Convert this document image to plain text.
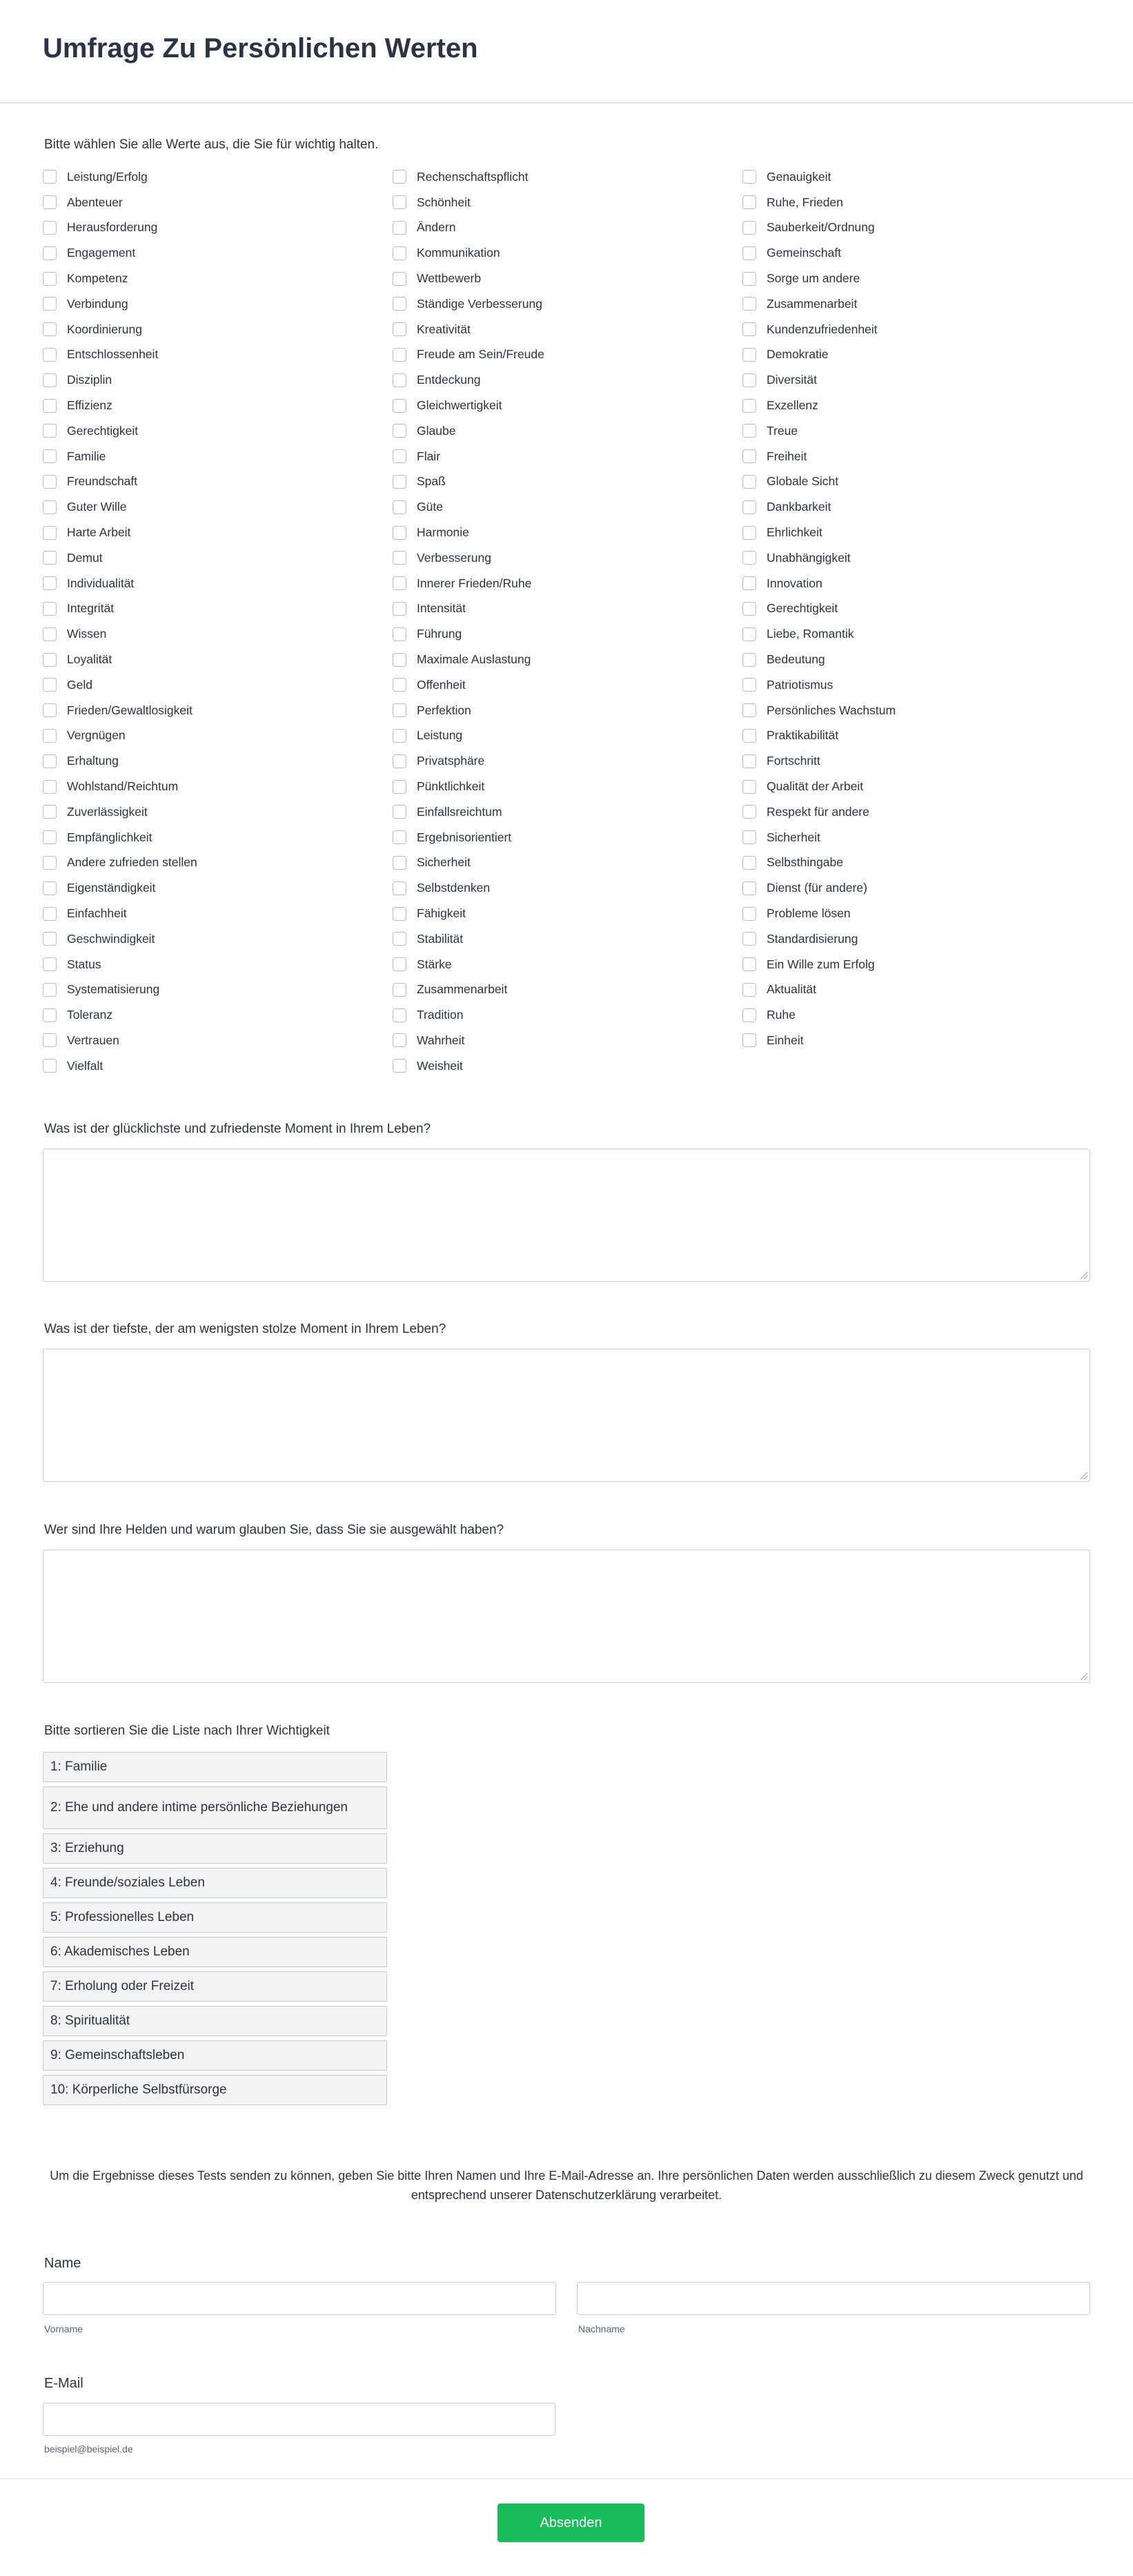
Umfrage Zu Persönlichen Werten
Bitte wählen Sie alle Werte aus, die Sie für wichtig halten.
Leistung/Erfolg
Abenteuer
Herausforderung
Engagement
Kompetenz
Verbindung
Koordinierung
Entschlossenheit
Disziplin
Effizienz
Gerechtigkeit
Familie
Freundschaft
Guter Wille
Harte Arbeit
Demut
Individualität
Integrität
Wissen
Loyalität
Geld
Frieden/Gewaltlosigkeit
Vergnügen
Erhaltung
Wohlstand/Reichtum
Zuverlässigkeit
Empfänglichkeit
Andere zufrieden stellen
Eigenständigkeit
Einfachheit
Geschwindigkeit
Status
Systematisierung
Toleranz
Vertrauen
Vielfalt
Rechenschaftspflicht
Schönheit
Ändern
Kommunikation
Wettbewerb
Ständige Verbesserung
Kreativität
Freude am Sein/Freude
Entdeckung
Gleichwertigkeit
Glaube
Flair
Spaß
Güte
Harmonie
Verbesserung
Innerer Frieden/Ruhe
Intensität
Führung
Maximale Auslastung
Offenheit
Perfektion
Leistung
Privatsphäre
Pünktlichkeit
Einfallsreichtum
Ergebnisorientiert
Sicherheit
Selbstdenken
Fähigkeit
Stabilität
Stärke
Zusammenarbeit
Tradition
Wahrheit
Weisheit
Genauigkeit
Ruhe, Frieden
Sauberkeit/Ordnung
Gemeinschaft
Sorge um andere
Zusammenarbeit
Kundenzufriedenheit
Demokratie
Diversität
Exzellenz
Treue
Freiheit
Globale Sicht
Dankbarkeit
Ehrlichkeit
Unabhängigkeit
Innovation
Gerechtigkeit
Liebe, Romantik
Bedeutung
Patriotismus
Persönliches Wachstum
Praktikabilität
Fortschritt
Qualität der Arbeit
Respekt für andere
Sicherheit
Selbsthingabe
Dienst (für andere)
Probleme lösen
Standardisierung
Ein Wille zum Erfolg
Aktualität
Ruhe
Einheit
Was ist der glücklichste und zufriedenste Moment in Ihrem Leben?
Was ist der tiefste, der am wenigsten stolze Moment in Ihrem Leben?
Wer sind Ihre Helden und warum glauben Sie, dass Sie sie ausgewählt haben?
Bitte sortieren Sie die Liste nach Ihrer Wichtigkeit
1: Familie
2: Ehe und andere intime persönliche Beziehungen
3: Erziehung
4: Freunde/soziales Leben
5: Professionelles Leben
6: Akademisches Leben
7: Erholung oder Freizeit
8: Spiritualität
9: Gemeinschaftsleben
10: Körperliche Selbstfürsorge
Um die Ergebnisse dieses Tests senden zu können, geben Sie bitte Ihren Namen und Ihre E-Mail-Adresse an. Ihre persönlichen Daten werden ausschließlich zu diesem Zweck genutzt und entsprechend unserer Datenschutzerklärung verarbeitet.
Name
Vorname	Nachname
E-Mail
beispiel@beispiel.de
Absenden
